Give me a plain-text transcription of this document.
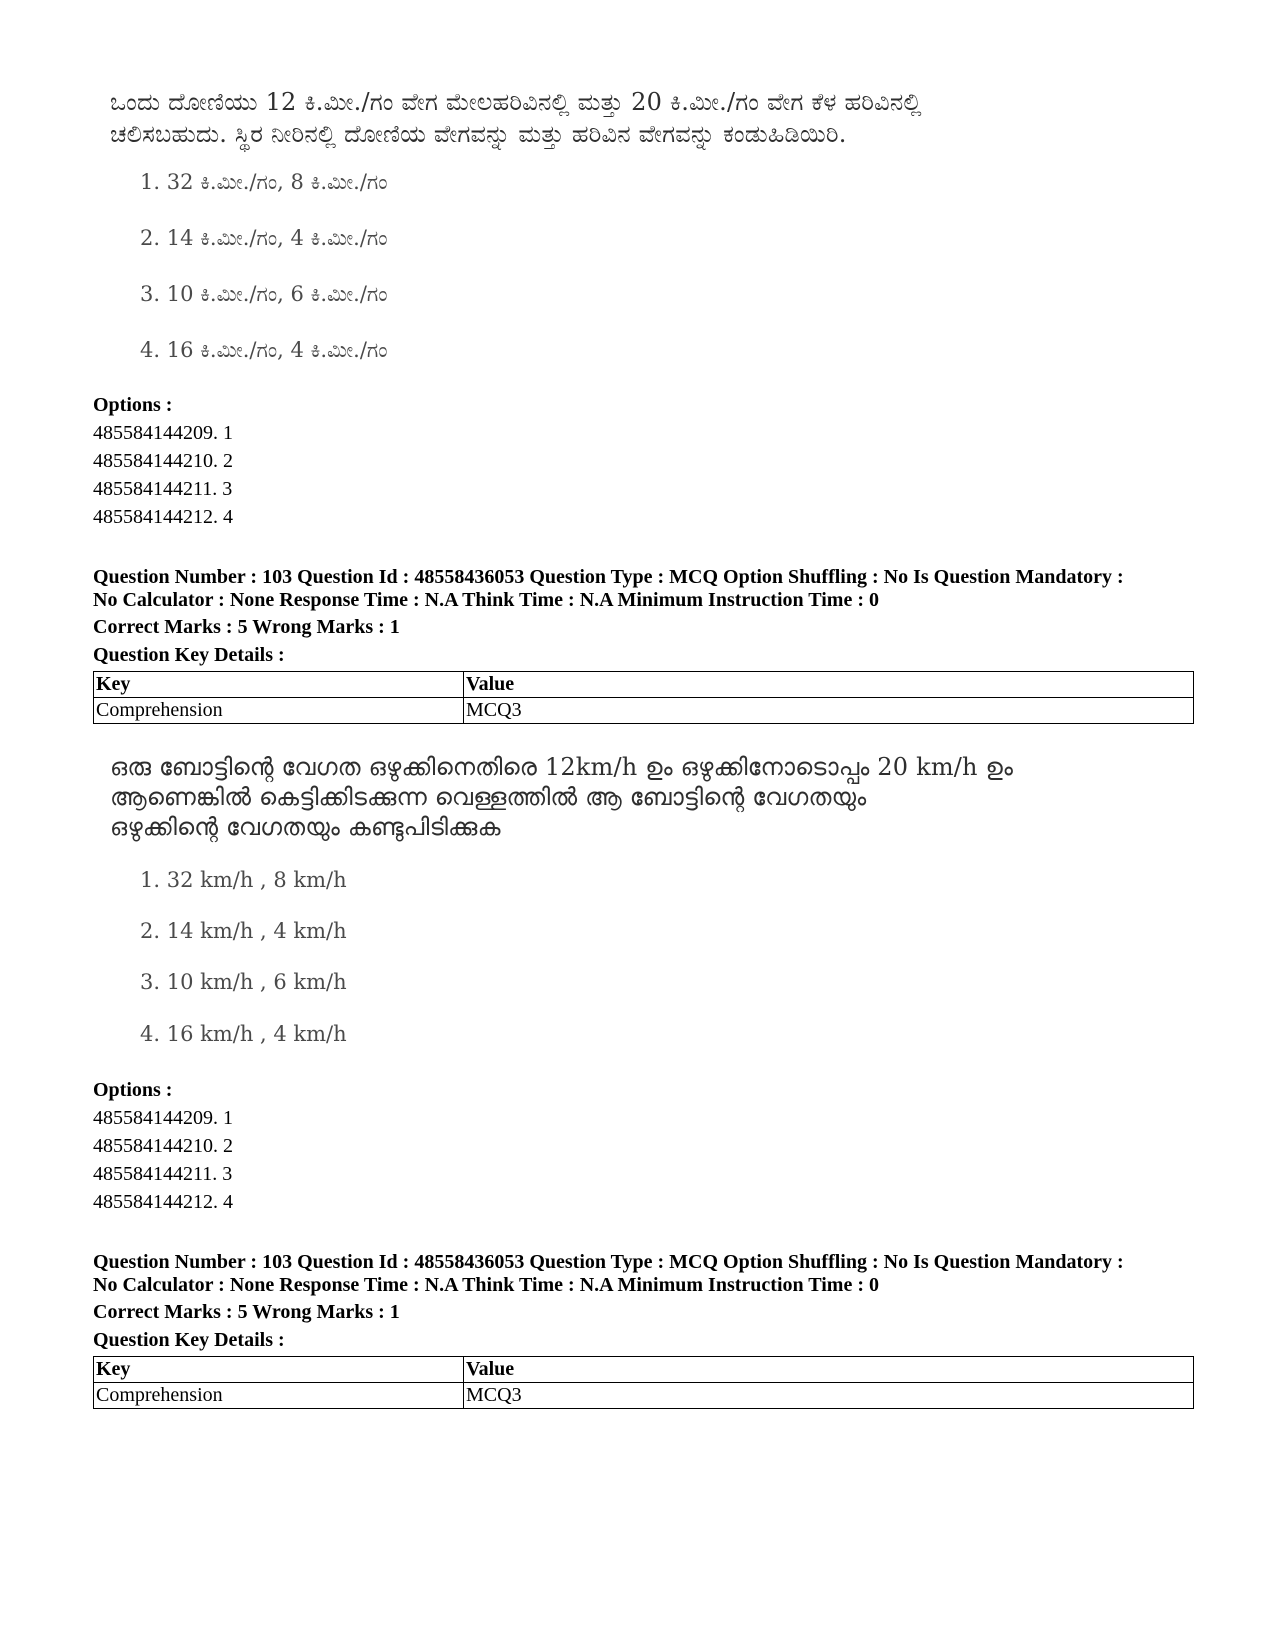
ಒಂದು ದೋಣಿಯು 12 ಕಿ.ಮೀ./ಗಂ ವೇಗ ಮೇಲಹರಿವಿನಲ್ಲಿ ಮತ್ತು 20 ಕಿ.ಮೀ./ಗಂ ವೇಗ ಕೆಳ ಹರಿವಿನಲ್ಲಿ
ಚಲಿಸಬಹುದು. ಸ್ಥಿರ ನೀರಿನಲ್ಲಿ ದೋಣಿಯ ವೇಗವನ್ನು ಮತ್ತು ಹರಿವಿನ ವೇಗವನ್ನು ಕಂಡುಹಿಡಿಯಿರಿ.
1. 32 ಕಿ.ಮೀ./ಗಂ, 8 ಕಿ.ಮೀ./ಗಂ
2. 14 ಕಿ.ಮೀ./ಗಂ, 4 ಕಿ.ಮೀ./ಗಂ
3. 10 ಕಿ.ಮೀ./ಗಂ, 6 ಕಿ.ಮೀ./ಗಂ
4. 16 ಕಿ.ಮೀ./ಗಂ, 4 ಕಿ.ಮೀ./ಗಂ
Options :
485584144209. 1
485584144210. 2
485584144211. 3
485584144212. 4
Question Number : 103 Question Id : 48558436053 Question Type : MCQ Option Shuffling : No Is Question Mandatory :
No Calculator : None Response Time : N.A Think Time : N.A Minimum Instruction Time : 0
Correct Marks : 5 Wrong Marks : 1
Question Key Details :
Key	Value
Comprehension	MCQ3
ഒരു ബോട്ടിന്റെ വേഗത ഒഴുക്കിനെതിരെ 12km/h ഉം ഒഴുക്കിനോടൊപ്പം 20 km/h ഉം
ആണെങ്കിൽ കെട്ടിക്കിടക്കുന്ന വെള്ളത്തിൽ ആ ബോട്ടിന്റെ വേഗതയും
ഒഴുക്കിന്റെ വേഗതയും കണ്ടുപിടിക്കുക
1. 32 km/h , 8 km/h
2. 14 km/h , 4 km/h
3. 10 km/h , 6 km/h
4. 16 km/h , 4 km/h
Options :
485584144209. 1
485584144210. 2
485584144211. 3
485584144212. 4
Question Number : 103 Question Id : 48558436053 Question Type : MCQ Option Shuffling : No Is Question Mandatory :
No Calculator : None Response Time : N.A Think Time : N.A Minimum Instruction Time : 0
Correct Marks : 5 Wrong Marks : 1
Question Key Details :
Key	Value
Comprehension	MCQ3
